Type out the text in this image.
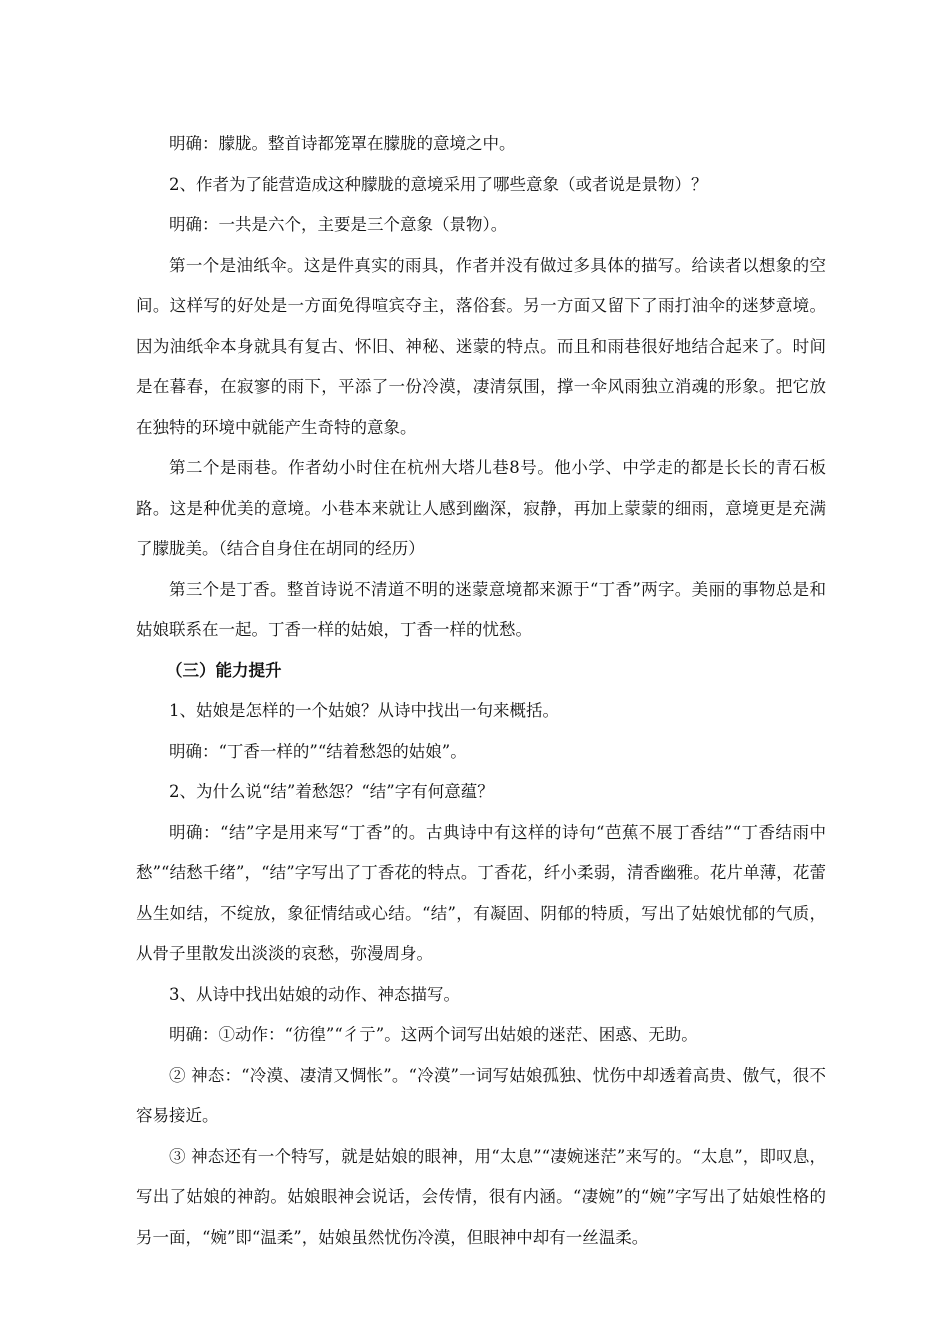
明确：朦胧。整首诗都笼罩在朦胧的意境之中。

2、作者为了能营造成这种朦胧的意境采用了哪些意象（或者说是景物）？

明确：一共是六个，主要是三个意象（景物）。

第一个是油纸伞。这是件真实的雨具，作者并没有做过多具体的描写。给读者以想象的空间。这样写的好处是一方面免得喧宾夺主，落俗套。另一方面又留下了雨打油伞的迷梦意境。因为油纸伞本身就具有复古、怀旧、神秘、迷蒙的特点。而且和雨巷很好地结合起来了。时间是在暮春，在寂寥的雨下，平添了一份冷漠，凄清氛围，撑一伞风雨独立消魂的形象。把它放在独特的环境中就能产生奇特的意象。

第二个是雨巷。作者幼小时住在杭州大塔儿巷8号。他小学、中学走的都是长长的青石板路。这是种优美的意境。小巷本来就让人感到幽深，寂静，再加上蒙蒙的细雨，意境更是充满了朦胧美。（结合自身住在胡同的经历）

第三个是丁香。整首诗说不清道不明的迷蒙意境都来源于“丁香”两字。美丽的事物总是和姑娘联系在一起。丁香一样的姑娘，丁香一样的忧愁。

（三）能力提升

1、姑娘是怎样的一个姑娘？从诗中找出一句来概括。

明确：“丁香一样的”“结着愁怨的姑娘”。

2、为什么说“结”着愁怨？“结”字有何意蕴？

明确：“结”字是用来写“丁香”的。古典诗中有这样的诗句“芭蕉不展丁香结”“丁香结雨中愁”“结愁千绪”，“结”字写出了丁香花的特点。丁香花，纤小柔弱，清香幽雅。花片单薄，花蕾丛生如结，不绽放，象征情结或心结。“结”，有凝固、阴郁的特质，写出了姑娘忧郁的气质，从骨子里散发出淡淡的哀愁，弥漫周身。

3、从诗中找出姑娘的动作、神态描写。

明确：①动作：“彷徨”“彳亍”。这两个词写出姑娘的迷茫、困惑、无助。

② 神态：“冷漠、凄清又惆怅”。“冷漠”一词写姑娘孤独、忧伤中却透着高贵、傲气，很不容易接近。

③ 神态还有一个特写，就是姑娘的眼神，用“太息”“凄婉迷茫”来写的。“太息”，即叹息，写出了姑娘的神韵。姑娘眼神会说话，会传情，很有内涵。“凄婉”的“婉”字写出了姑娘性格的另一面，“婉”即“温柔”，姑娘虽然忧伤冷漠，但眼神中却有一丝温柔。
